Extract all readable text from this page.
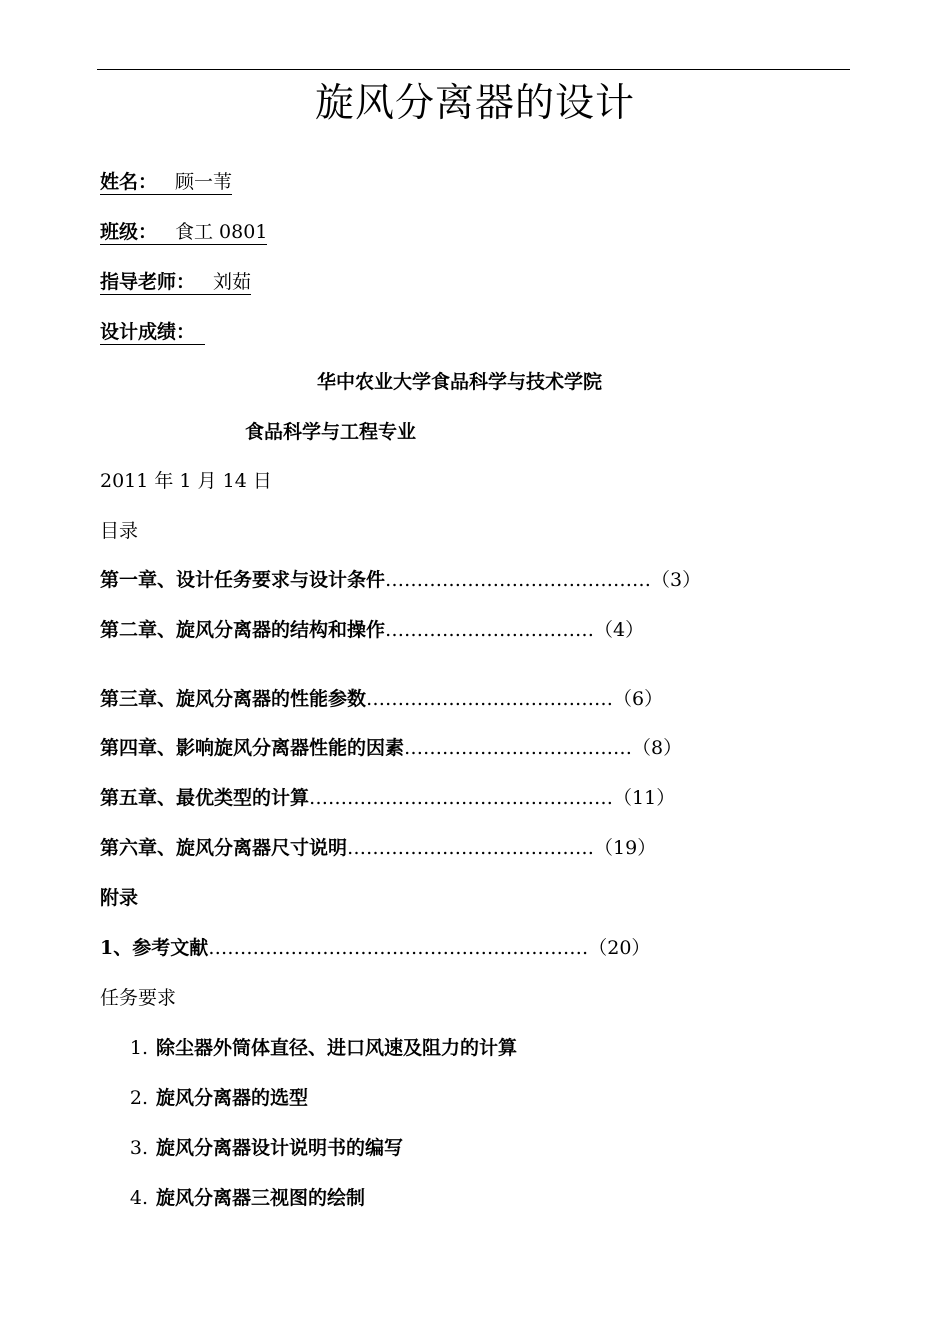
旋风分离器的设计
姓名： 顾一苇
班级： 食工 0801
指导老师： 刘茹
设计成绩：
华中农业大学食品科学与技术学院
食品科学与工程专业
2011 年 1 月 14 日
目录
第一章、设计任务要求与设计条件 …………………………………… （3）
第二章、旋风分离器的结构和操作 …………………………… （4）
第三章、旋风分离器的性能参数 ………………………………… （6）
第四章、影响旋风分离器性能的因素 ……………………………… （8）
第五章、最优类型的计算 ………………………………………… （11）
第六章、旋风分离器尺寸说明 ………………………………… （19）
附录
1、参考文献 …………………………………………………… （20）
任务要求
1. 除尘器外筒体直径、进口风速及阻力的计算
2. 旋风分离器的选型
3. 旋风分离器设计说明书的编写
4. 旋风分离器三视图的绘制
